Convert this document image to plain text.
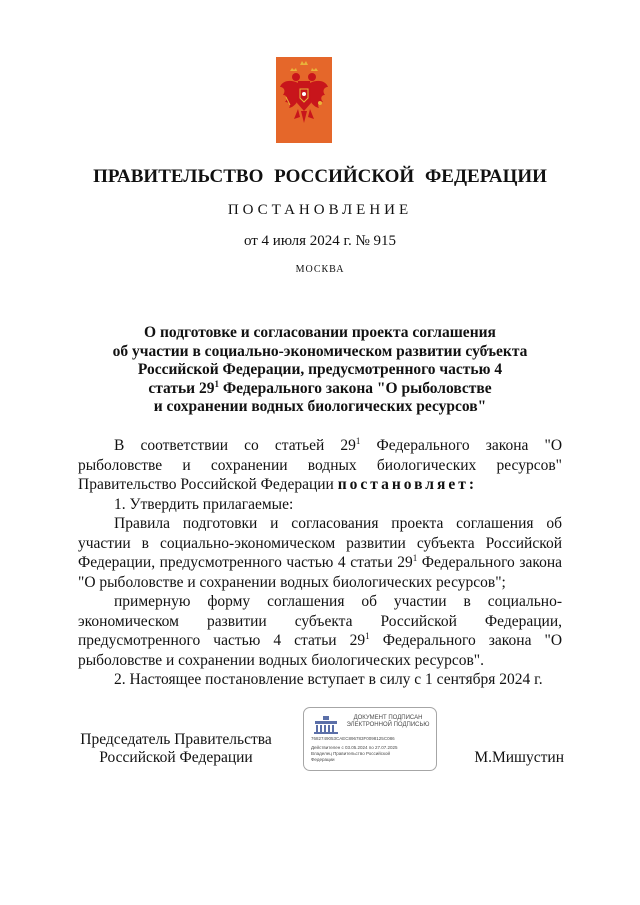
ПРАВИТЕЛЬСТВО РОССИЙСКОЙ ФЕДЕРАЦИИ
ПОСТАНОВЛЕНИЕ
от 4 июля 2024 г. № 915
МОСКВА
О подготовке и согласовании проекта соглашения
об участии в социально-экономическом развитии субъекта
Российской Федерации, предусмотренного частью 4
статьи $29^1$ Федерального закона "О рыболовстве
и сохранении водных биологических ресурсов"

В соответствии со статьей $29^1$ Федерального закона "О рыболовстве и сохранении водных биологических ресурсов" Правительство Российской Федерации постановляет:

1. Утвердить прилагаемые:

Правила подготовки и согласования проекта соглашения об участии в социально-экономическом развитии субъекта Российской Федерации, предусмотренного частью 4 статьи $29^1$ Федерального закона "О рыболовстве и сохранении водных биологических ресурсов";

примерную форму соглашения об участии в социально-экономическом развитии субъекта Российской Федерации, предусмотренного частью 4 статьи $29^1$ Федерального закона "О рыболовстве и сохранении водных биологических ресурсов".

2. Настоящее постановление вступает в силу с 1 сентября 2024 г.

Председатель Правительства
Российской Федерации
ДОКУМЕНТ ПОДПИСАН
ЭЛЕКТРОННОЙ ПОДПИСЬЮ
7682749053CAEC896783F0098125C086
Действителен с 03.05.2024 по 27.07.2025
Владелец Правительство Российской
Федерации	М.Мишустин
